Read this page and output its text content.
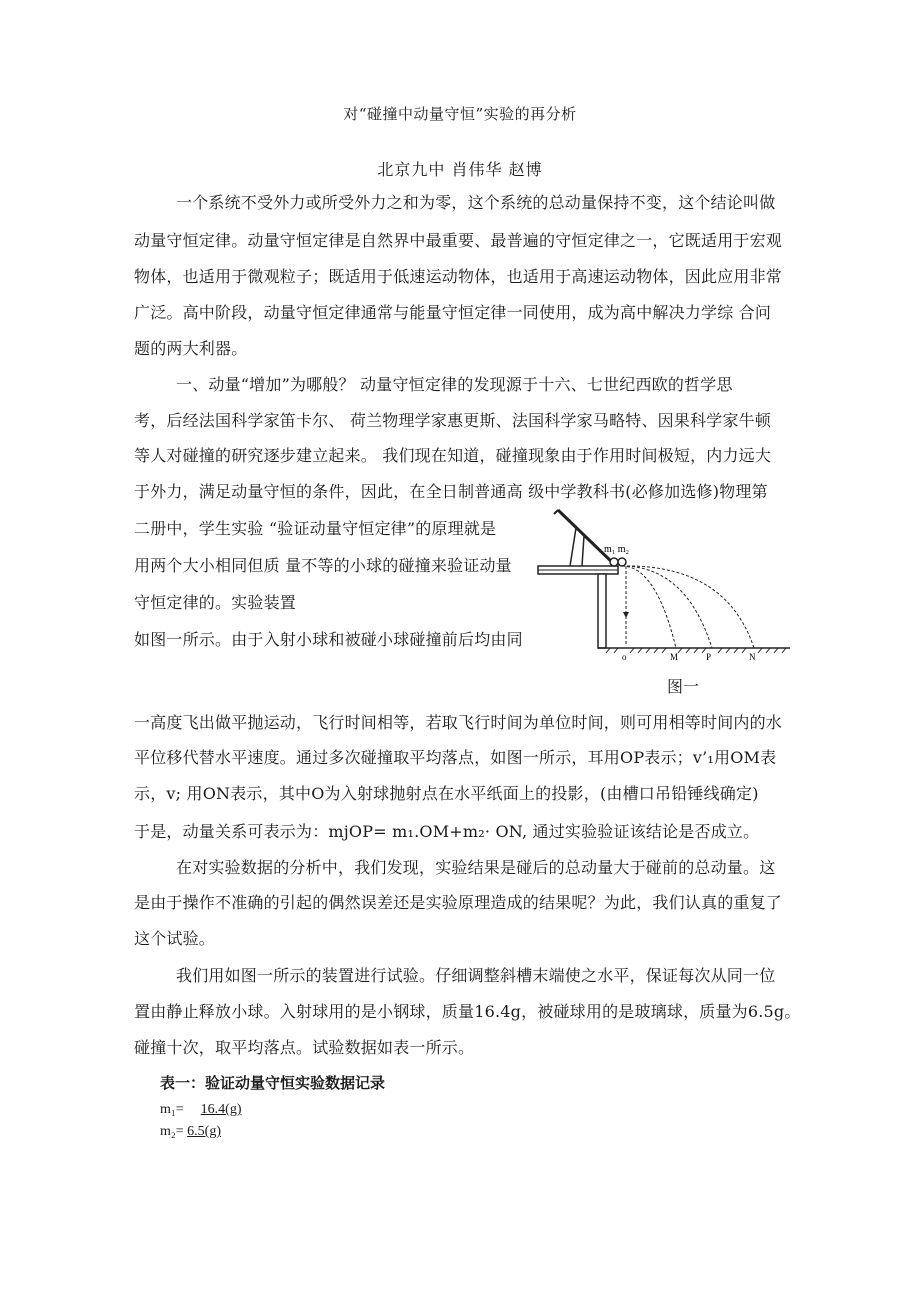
对“碰撞中动量守恒”实验的再分析
北京九中 肖伟华 赵博
一个系统不受外力或所受外力之和为零，这个系统的总动量保持不变，这个结论叫做
动量守恒定律。动量守恒定律是自然界中最重要、最普遍的守恒定律之一，它既适用于宏观
物体，也适用于微观粒子；既适用于低速运动物体，也适用于高速运动物体，因此应用非常
广泛。高中阶段，动量守恒定律通常与能量守恒定律一同使用，成为高中解决力学综 合问
题的两大利器。
一、动量“增加”为哪般？ 动量守恒定律的发现源于十六、七世纪西欧的哲学思
考，后经法国科学家笛卡尔、 荷兰物理学家惠更斯、法国科学家马略特、因果科学家牛顿
等人对碰撞的研究逐步建立起来。 我们现在知道，碰撞现象由于作用时间极短，内力远大
于外力，满足动量守恒的条件，因此，在全日制普通高 级中学教科书(必修加选修)物理第
二册中，学生实验 “验证动量守恒定律”的原理就是
用两个大小相同但质 量不等的小球的碰撞来验证动量
守恒定律的。实验装置
如图一所示。由于入射小球和被碰小球碰撞前后均由同
一高度飞出做平抛运动，飞行时间相等，若取飞行时间为单位时间，则可用相等时间内的水
平位移代替水平速度。通过多次碰撞取平均落点，如图一所示，耳用OP表示；v’₁用OM表
示，v; 用ON表示，其中O为入射球抛射点在水平纸面上的投影，(由槽口吊铅锤线确定)
于是，动量关系可表示为：mjOP= m₁.OM+m₂· ON, 通过实验验证该结论是否成立。
在对实验数据的分析中，我们发现，实验结果是碰后的总动量大于碰前的总动量。这
是由于操作不准确的引起的偶然误差还是实验原理造成的结果呢？为此，我们认真的重复了
这个试验。
我们用如图一所示的装置进行试验。仔细调整斜槽末端使之水平，保证每次从同一位
置由静止释放小球。入射球用的是小钢球，质量16.4g，被碰球用的是玻璃球，质量为6.5g。
碰撞十次，取平均落点。试验数据如表一所示。
表一：验证动量守恒实验数据记录
m₁= 16.4(g)
m₂= 6.5(g)
m₁ m₂
o	M	P	N
图一
